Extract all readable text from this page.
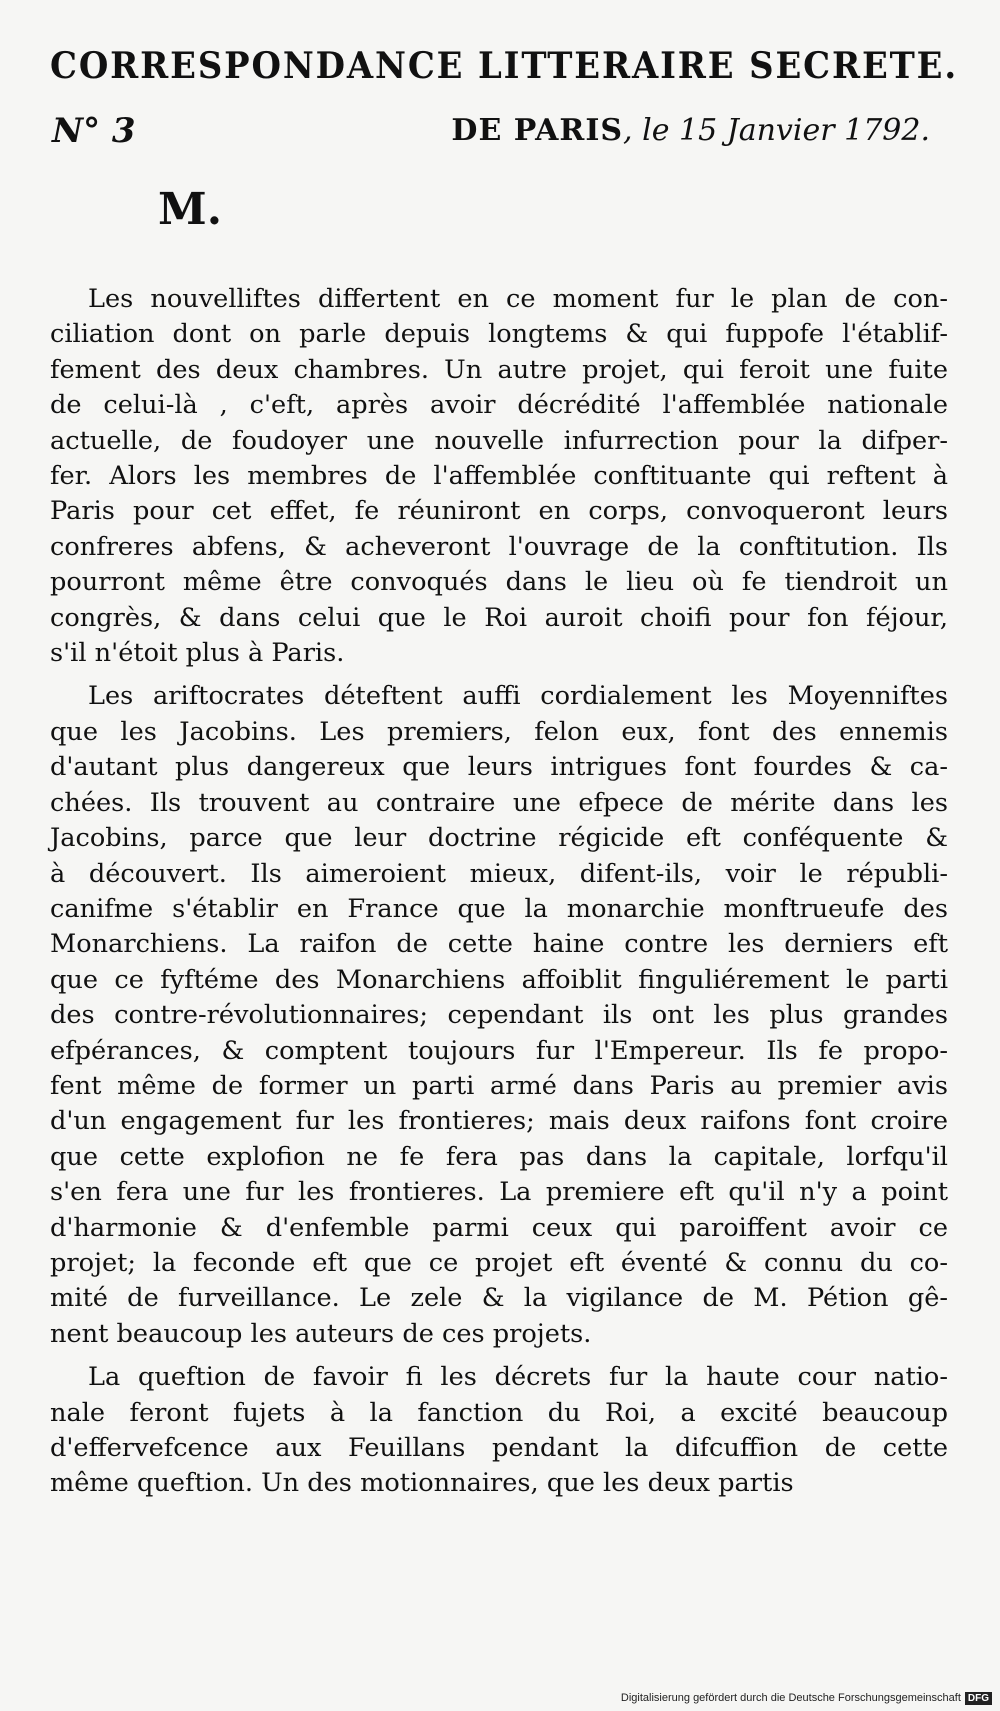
CORRESPONDANCE LITTERAIRE SECRETE.
N° 3	DE PARIS, le 15 Janvier 1792.
M.
Les nouvelliftes differtent en ce moment fur le plan de con-
ciliation dont on parle depuis longtems & qui fuppofe l'établif-
fement des deux chambres. Un autre projet, qui feroit une fuite
de celui-là , c'eft, après avoir décrédité l'affemblée nationale
actuelle, de foudoyer une nouvelle infurrection pour la difper-
fer. Alors les membres de l'affemblée conftituante qui reftent à
Paris pour cet effet, fe réuniront en corps, convoqueront leurs
confreres abfens, & acheveront l'ouvrage de la conftitution. Ils
pourront même être convoqués dans le lieu où fe tiendroit un
congrès, & dans celui que le Roi auroit choifi pour fon féjour,
s'il n'étoit plus à Paris.
Les ariftocrates déteftent auffi cordialement les Moyenniftes
que les Jacobins. Les premiers, felon eux, font des ennemis
d'autant plus dangereux que leurs intrigues font fourdes & ca-
chées. Ils trouvent au contraire une efpece de mérite dans les
Jacobins, parce que leur doctrine régicide eft conféquente &
à découvert. Ils aimeroient mieux, difent-ils, voir le républi-
canifme s'établir en France que la monarchie monftrueufe des
Monarchiens. La raifon de cette haine contre les derniers eft
que ce fyftéme des Monarchiens affoiblit finguliérement le parti
des contre-révolutionnaires; cependant ils ont les plus grandes
efpérances, & comptent toujours fur l'Empereur. Ils fe propo-
fent même de former un parti armé dans Paris au premier avis
d'un engagement fur les frontieres; mais deux raifons font croire
que cette explofion ne fe fera pas dans la capitale, lorfqu'il
s'en fera une fur les frontieres. La premiere eft qu'il n'y a point
d'harmonie & d'enfemble parmi ceux qui paroiffent avoir ce
projet; la feconde eft que ce projet eft éventé & connu du co-
mité de furveillance. Le zele & la vigilance de M. Pétion gê-
nent beaucoup les auteurs de ces projets.
La queftion de favoir fi les décrets fur la haute cour natio-
nale feront fujets à la fanction du Roi, a excité beaucoup
d'effervefcence aux Feuillans pendant la difcuffion de cette
même queftion. Un des motionnaires, que les deux partis
Digitalisierung gefördert durch die Deutsche Forschungsgemeinschaft DFG
